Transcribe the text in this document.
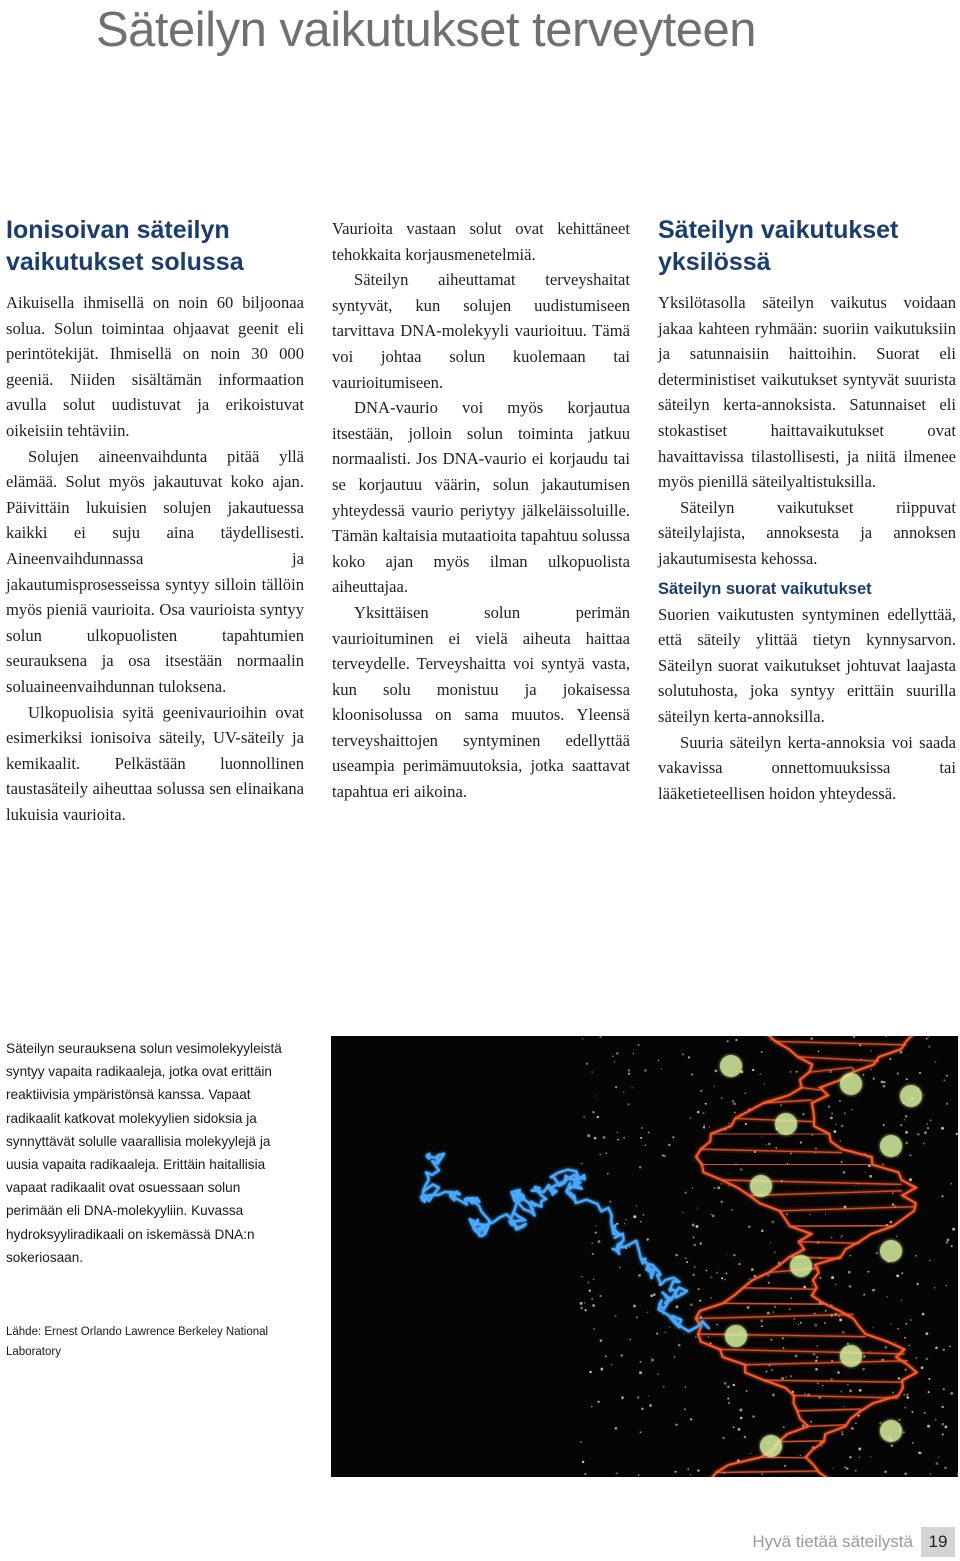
Säteilyn vaikutukset terveyteen
Ionisoivan säteilyn vaikutukset solussa

Aikuisella ihmisellä on noin 60 biljoonaa solua. Solun toimintaa ohjaavat geenit eli perintötekijät. Ihmisellä on noin 30 000 geeniä. Niiden sisältämän informaation avulla solut uudistuvat ja erikoistuvat oikeisiin tehtäviin.

Solujen aineenvaihdunta pitää yllä elämää. Solut myös jakautuvat koko ajan. Päivittäin lukuisien solujen jakautuessa kaikki ei suju aina täydellisesti. Aineenvaihdunnassa ja jakautumisprosesseissa syntyy silloin tällöin myös pieniä vaurioita. Osa vaurioista syntyy solun ulkopuolisten tapahtumien seurauksena ja osa itsestään normaalin soluaineenvaihdunnan tuloksena.

Ulkopuolisia syitä geenivaurioihin ovat esimerkiksi ionisoiva säteily, UV-säteily ja kemikaalit. Pelkästään luonnollinen taustasäteily aiheuttaa solussa sen elinaikana lukuisia vaurioita.

Vaurioita vastaan solut ovat kehittäneet tehokkaita korjausmenetelmiä.

Säteilyn aiheuttamat terveyshaitat syntyvät, kun solujen uudistumiseen tarvittava DNA-molekyyli vaurioituu. Tämä voi johtaa solun kuolemaan tai vaurioitumiseen.

DNA-vaurio voi myös korjautua itsestään, jolloin solun toiminta jatkuu normaalisti. Jos DNA-vaurio ei korjaudu tai se korjautuu väärin, solun jakautumisen yhteydessä vaurio periytyy jälkeläissoluille. Tämän kaltaisia mutaatioita tapahtuu solussa koko ajan myös ilman ulkopuolista aiheuttajaa.

Yksittäisen solun perimän vaurioituminen ei vielä aiheuta haittaa terveydelle. Terveyshaitta voi syntyä vasta, kun solu monistuu ja jokaisessa kloonisolussa on sama muutos. Yleensä terveyshaittojen syntyminen edellyttää useampia perimämuutoksia, jotka saattavat tapahtua eri aikoina.

Säteilyn vaikutukset yksilössä

Yksilötasolla säteilyn vaikutus voidaan jakaa kahteen ryhmään: suoriin vaikutuksiin ja satunnaisiin haittoihin. Suorat eli deterministiset vaikutukset syntyvät suurista säteilyn kerta-annoksista. Satunnaiset eli stokastiset haittavaikutukset ovat havaittavissa tilastollisesti, ja niitä ilmenee myös pienillä säteilyaltistuksilla.

Säteilyn vaikutukset riippuvat säteilylajista, annoksesta ja annoksen jakautumisesta kehossa.

Säteilyn suorat vaikutukset

Suorien vaikutusten syntyminen edellyttää, että säteily ylittää tietyn kynnysarvon. Säteilyn suorat vaikutukset johtuvat laajasta solutuhosta, joka syntyy erittäin suurilla säteilyn kerta-annoksilla.

Suuria säteilyn kerta-annoksia voi saada vakavissa onnettomuuksissa tai lääketieteellisen hoidon yhteydessä.

Säteilyn seurauksena solun vesimolekyyleistä syntyy vapaita radikaaleja, jotka ovat erittäin reaktiivisia ympäristönsä kanssa. Vapaat radikaalit katkovat molekyylien sidoksia ja synnyttävät solulle vaarallisia molekyylejä ja uusia vapaita radikaaleja. Erittäin haitallisia vapaat radikaalit ovat osuessaan solun perimään eli DNA-molekyyliin. Kuvassa hydroksyyliradikaali on iskemässä DNA:n sokeriosaan.

Lähde: Ernest Orlando Lawrence Berkeley National Laboratory

Hyvä tietää säteilystä 19
